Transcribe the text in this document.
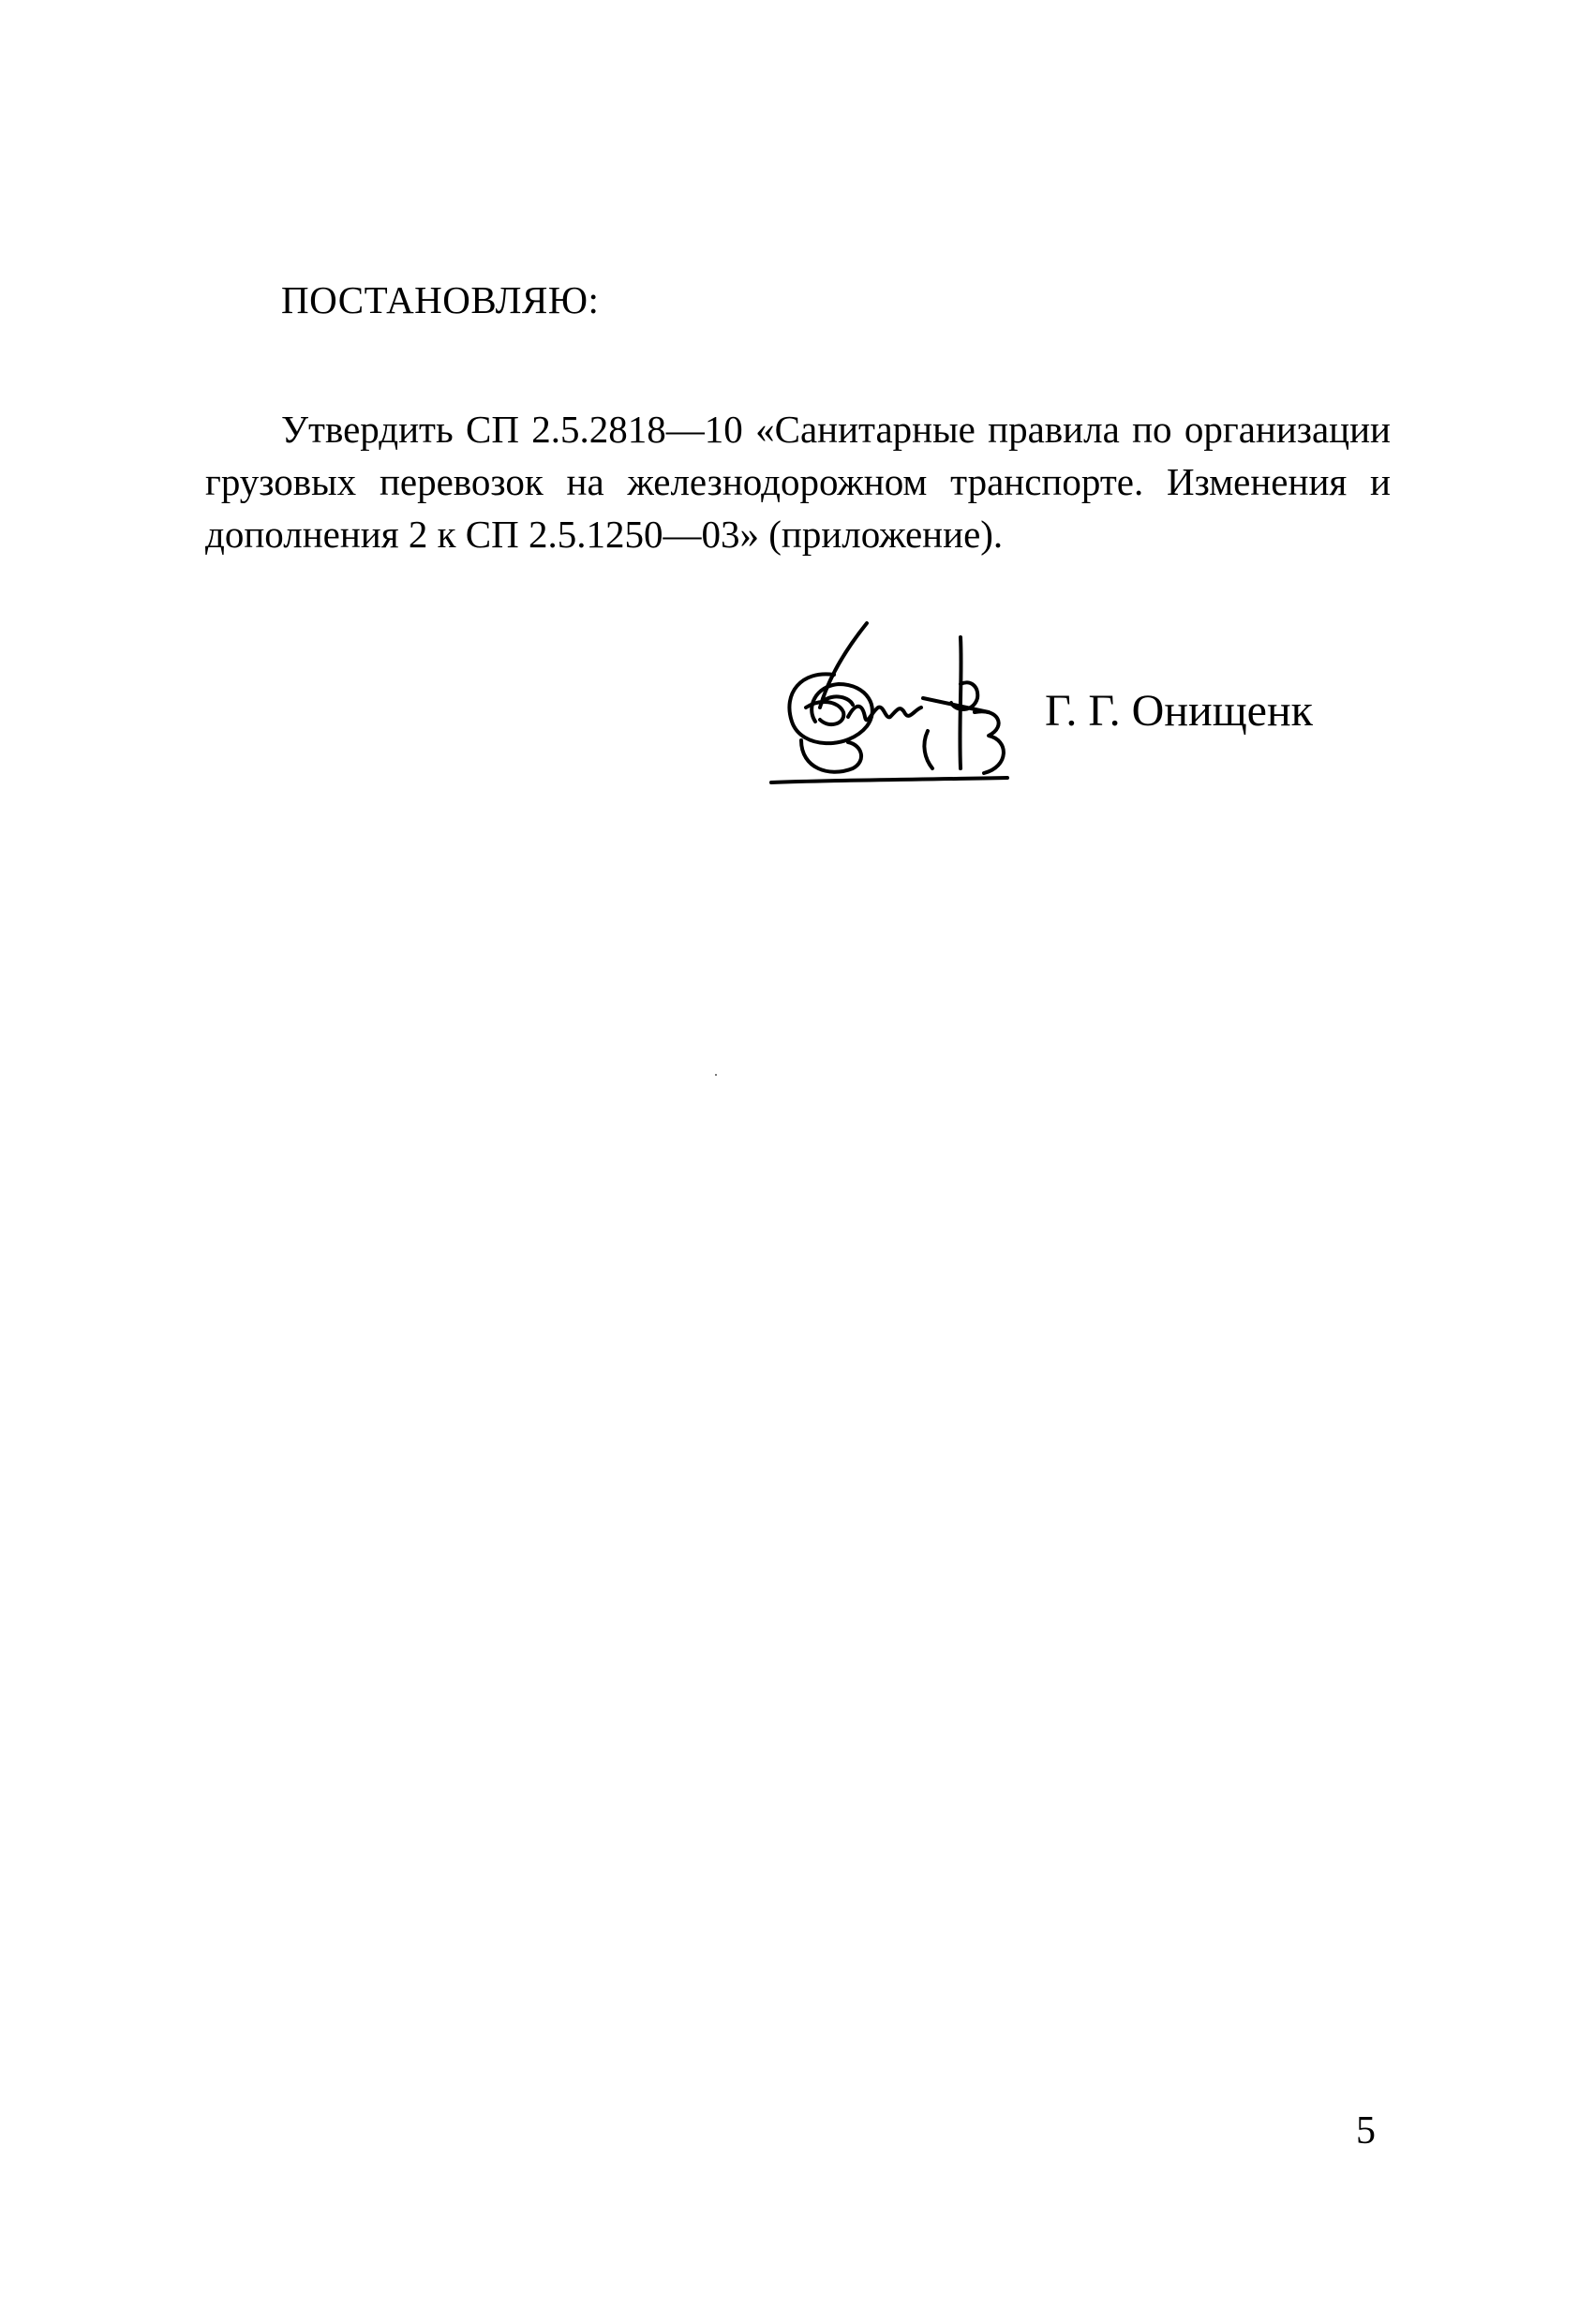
ПОСТАНОВЛЯЮ:

Утвердить СП 2.5.2818—10 «Санитарные правила по организации грузовых перевозок на железнодорожном транспорте. Изменения и дополнения 2 к СП 2.5.1250—03» (приложение).

Г. Г. Онищенк
5
